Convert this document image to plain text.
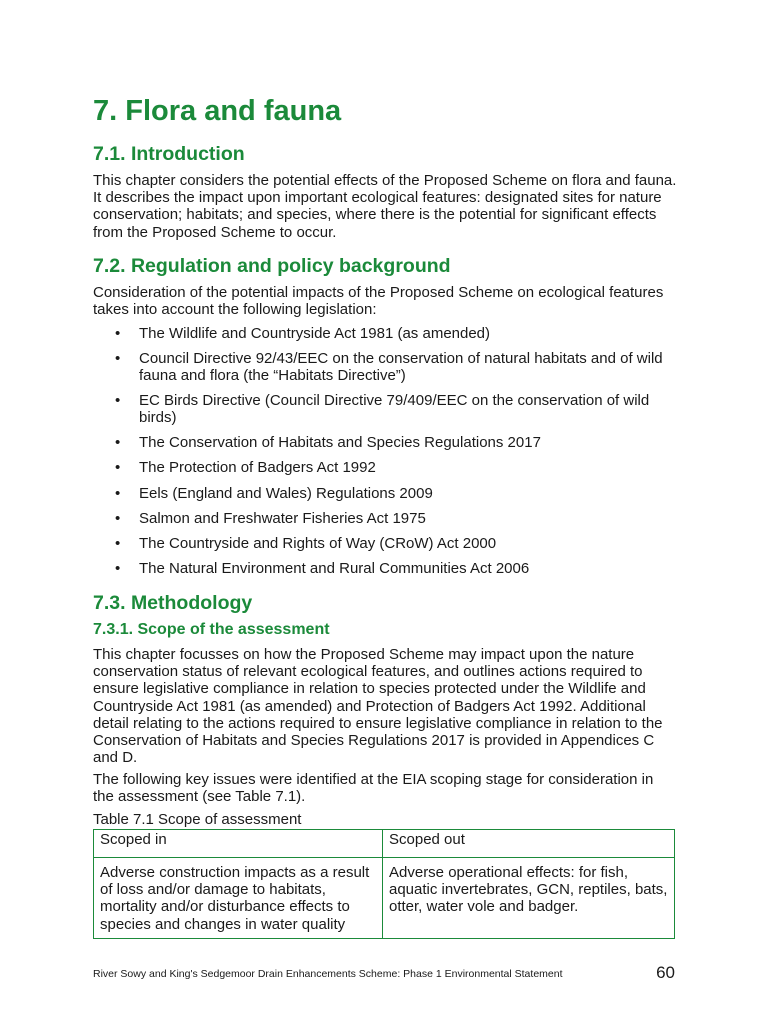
7. Flora and fauna
7.1. Introduction

This chapter considers the potential effects of the Proposed Scheme on flora and fauna. It describes the impact upon important ecological features: designated sites for nature conservation; habitats; and species, where there is the potential for significant effects from the Proposed Scheme to occur.

7.2. Regulation and policy background

Consideration of the potential impacts of the Proposed Scheme on ecological features takes into account the following legislation:

• The Wildlife and Countryside Act 1981 (as amended)
• Council Directive 92/43/EEC on the conservation of natural habitats and of wild fauna and flora (the “Habitats Directive”)
• EC Birds Directive (Council Directive 79/409/EEC on the conservation of wild birds)
• The Conservation of Habitats and Species Regulations 2017
• The Protection of Badgers Act 1992
• Eels (England and Wales) Regulations 2009
• Salmon and Freshwater Fisheries Act 1975
• The Countryside and Rights of Way (CRoW) Act 2000
• The Natural Environment and Rural Communities Act 2006
7.3. Methodology
7.3.1. Scope of the assessment

This chapter focusses on how the Proposed Scheme may impact upon the nature conservation status of relevant ecological features, and outlines actions required to ensure legislative compliance in relation to species protected under the Wildlife and Countryside Act 1981 (as amended) and Protection of Badgers Act 1992. Additional detail relating to the actions required to ensure legislative compliance in relation to the Conservation of Habitats and Species Regulations 2017 is provided in Appendices C and D.

The following key issues were identified at the EIA scoping stage for consideration in the assessment (see Table 7.1).

Table 7.1 Scope of assessment

Scoped in	Scoped out
Adverse construction impacts as a result of loss and/or damage to habitats, mortality and/or disturbance effects to species and changes in water quality	Adverse operational effects: for fish, aquatic invertebrates, GCN, reptiles, bats, otter, water vole and badger.
River Sowy and King's Sedgemoor Drain Enhancements Scheme: Phase 1 Environmental Statement	60
